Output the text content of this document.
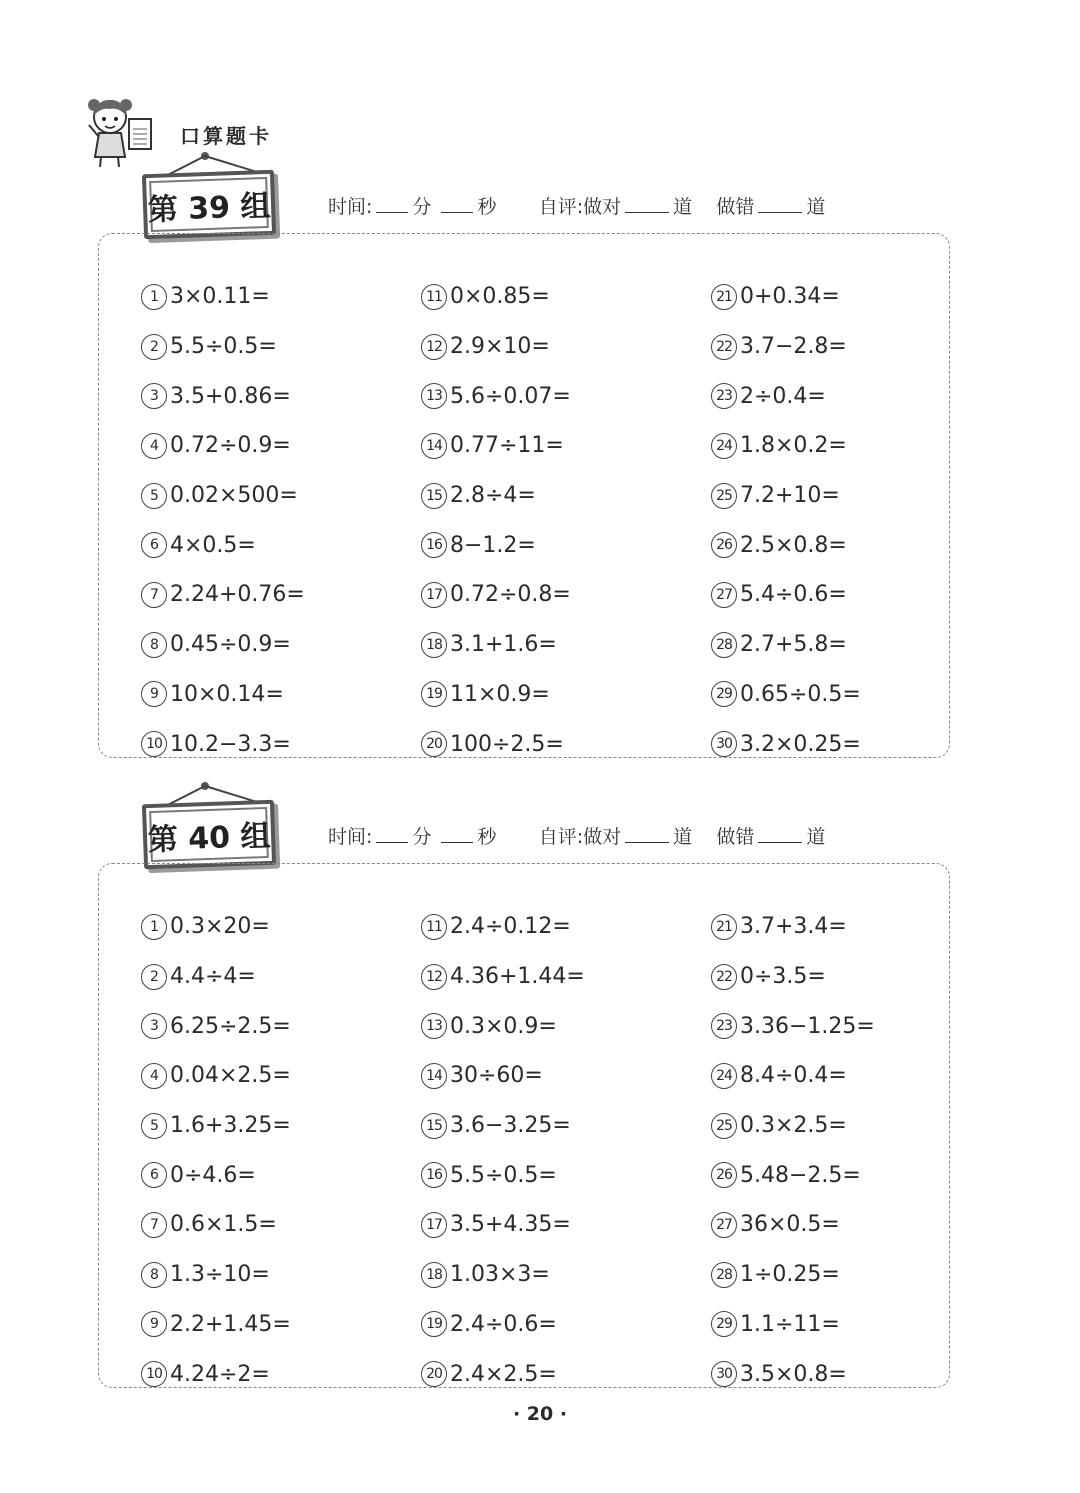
口算题卡
第 39 组	时间: 分 秒 自评:做对	道 做错	道
1 3×0.11=
2 5.5÷0.5=
3 3.5+0.86=
4 0.72÷0.9=
5 0.02×500=
6 4×0.5=
7 2.24+0.76=
8 0.45÷0.9=
9 10×0.14=
10 10.2−3.3=
11 0×0.85=
12 2.9×10=
13 5.6÷0.07=
14 0.77÷11=
15 2.8÷4=
16 8−1.2=
17 0.72÷0.8=
18 3.1+1.6=
19 11×0.9=
20 100÷2.5=
21 0+0.34=
22 3.7−2.8=
23 2÷0.4=
24 1.8×0.2=
25 7.2+10=
26 2.5×0.8=
27 5.4÷0.6=
28 2.7+5.8=
29 0.65÷0.5=
30 3.2×0.25=
第 40 组	时间: 分 秒 自评:做对	道 做错	道
1 0.3×20=
2 4.4÷4=
3 6.25÷2.5=
4 0.04×2.5=
5 1.6+3.25=
6 0÷4.6=
7 0.6×1.5=
8 1.3÷10=
9 2.2+1.45=
10 4.24÷2=
11 2.4÷0.12=
12 4.36+1.44=
13 0.3×0.9=
14 30÷60=
15 3.6−3.25=
16 5.5÷0.5=
17 3.5+4.35=
18 1.03×3=
19 2.4÷0.6=
20 2.4×2.5=
21 3.7+3.4=
22 0÷3.5=
23 3.36−1.25=
24 8.4÷0.4=
25 0.3×2.5=
26 5.48−2.5=
27 36×0.5=
28 1÷0.25=
29 1.1÷11=
30 3.5×0.8=
· 20 ·
